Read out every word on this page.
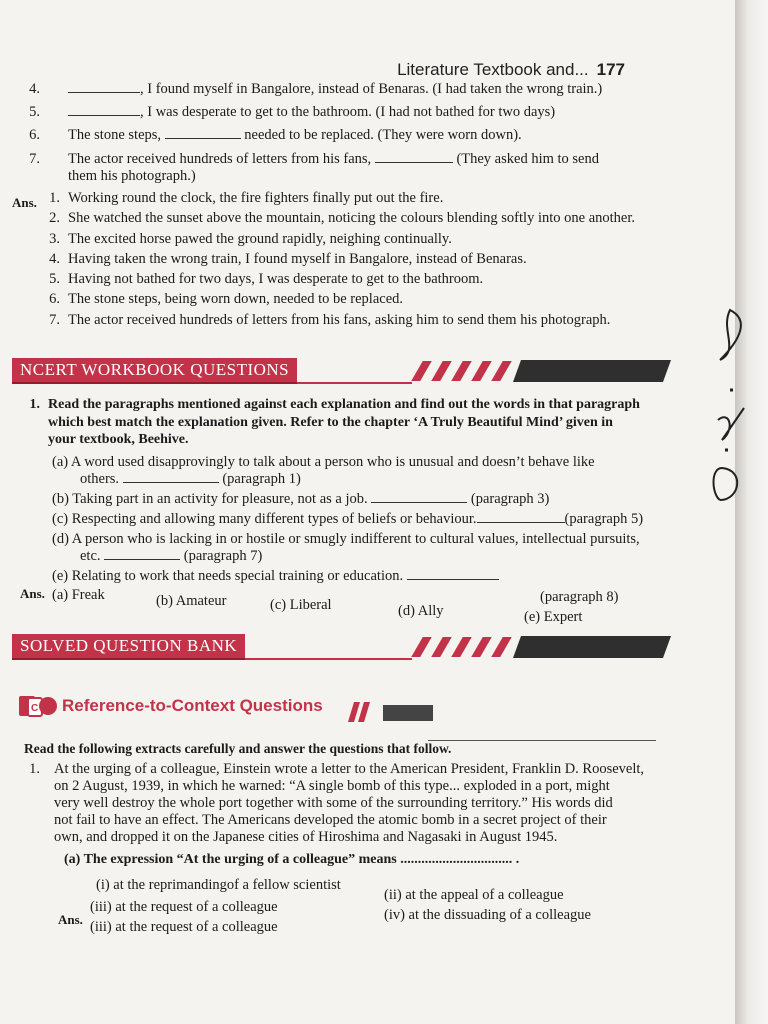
Literature Textbook and... 177
4.	, I found myself in Bangalore, instead of Benaras. (I had taken the wrong train.)
5.	, I was desperate to get to the bathroom. (I had not bathed for two days)
6. The stone steps,	needed to be replaced. (They were worn down).
7. The actor received hundreds of letters from his fans,	(They asked him to send
them his photograph.)
Ans. 1. Working round the clock, the fire fighters finally put out the fire.
2. She watched the sunset above the mountain, noticing the colours blending softly into one another.
3. The excited horse pawed the ground rapidly, neighing continually.
4. Having taken the wrong train, I found myself in Bangalore, instead of Benaras.
5. Having not bathed for two days, I was desperate to get to the bathroom.
6. The stone steps, being worn down, needed to be replaced.
7. The actor received hundreds of letters from his fans, asking him to send them his photograph.
NCERT WORKBOOK QUESTIONS
1. Read the paragraphs mentioned against each explanation and find out the words in that paragraph
which best match the explanation given. Refer to the chapter ‘A Truly Beautiful Mind’ given in
your textbook, Beehive.
(a) A word used disapprovingly to talk about a person who is unusual and doesn’t behave like
others.	(paragraph 1)
(b) Taking part in an activity for pleasure, not as a job.	(paragraph 3)
(c) Respecting and allowing many different types of beliefs or behaviour.	(paragraph 5)
(d) A person who is lacking in or hostile or smugly indifferent to cultural values, intellectual pursuits,
etc.	(paragraph 7)
(e) Relating to work that needs special training or education.
(paragraph 8)
Ans. (a) Freak	(b) Amateur	(c) Liberal	(d) Ally	(e) Expert
SOLVED QUESTION BANK
C Reference-to-Context Questions
Read the following extracts carefully and answer the questions that follow.
1. At the urging of a colleague, Einstein wrote a letter to the American President, Franklin D. Roosevelt,
on 2 August, 1939, in which he warned: “A single bomb of this type... exploded in a port, might
very well destroy the whole port together with some of the surrounding territory.” His words did
not fail to have an effect. The Americans developed the atomic bomb in a secret project of their
own, and dropped it on the Japanese cities of Hiroshima and Nagasaki in August 1945.
(a) The expression “At the urging of a colleague” means ................................ .
(i) at the reprimandingof a fellow scientist
(ii) at the appeal of a colleague
(iii) at the request of a colleague	(iv) at the dissuading of a colleague
Ans. (iii) at the request of a colleague
